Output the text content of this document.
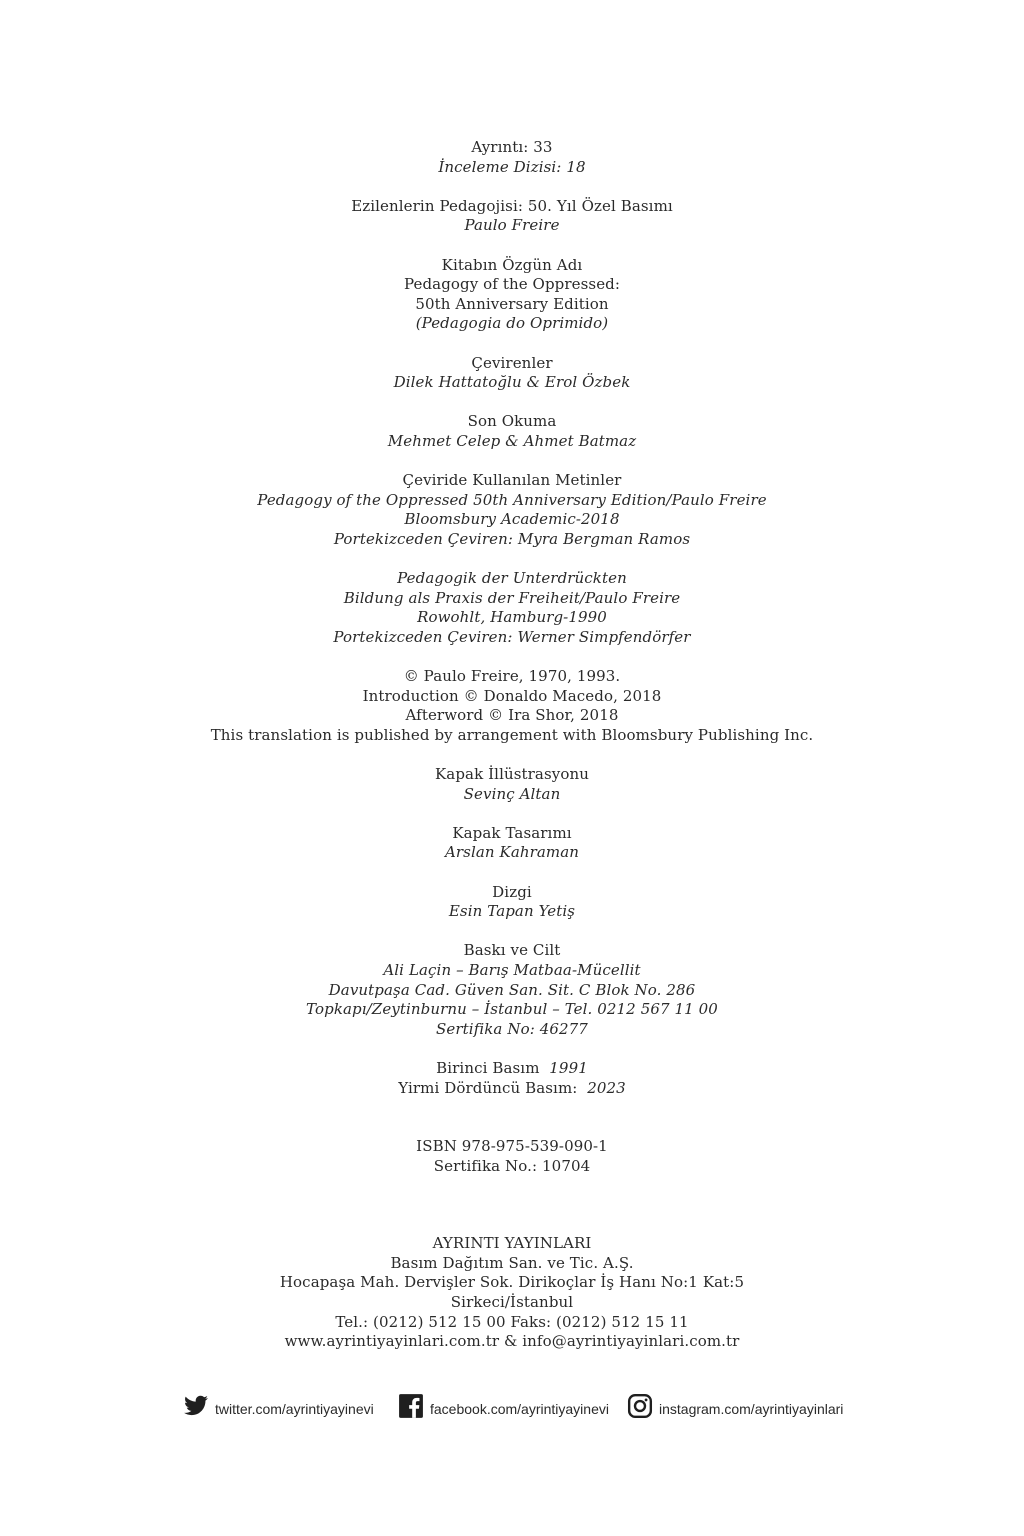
Ayrıntı: 33
İnceleme Dizisi: 18
Ezilenlerin Pedagojisi: 50. Yıl Özel Basımı
Paulo Freire
Kitabın Özgün Adı
Pedagogy of the Oppressed:
50th Anniversary Edition
(Pedagogia do Oprimido)
Çevirenler
Dilek Hattatoğlu & Erol Özbek
Son Okuma
Mehmet Celep & Ahmet Batmaz
Çeviride Kullanılan Metinler
Pedagogy of the Oppressed 50th Anniversary Edition/Paulo Freire
Bloomsbury Academic-2018
Portekizceden Çeviren: Myra Bergman Ramos
Pedagogik der Unterdrückten
Bildung als Praxis der Freiheit/Paulo Freire
Rowohlt, Hamburg-1990
Portekizceden Çeviren: Werner Simpfendörfer
© Paulo Freire, 1970, 1993.
Introduction © Donaldo Macedo, 2018
Afterword © Ira Shor, 2018
This translation is published by arrangement with Bloomsbury Publishing Inc.
Kapak İllüstrasyonu
Sevinç Altan
Kapak Tasarımı
Arslan Kahraman
Dizgi
Esin Tapan Yetiş
Baskı ve Cilt
Ali Laçin – Barış Matbaa-Mücellit
Davutpaşa Cad. Güven San. Sit. C Blok No. 286
Topkapı/Zeytinburnu – İstanbul – Tel. 0212 567 11 00
Sertifika No: 46277
Birinci Basım 1991
Yirmi Dördüncü Basım: 2023
ISBN 978-975-539-090-1
Sertifika No.: 10704
AYRINTI YAYINLARI
Basım Dağıtım San. ve Tic. A.Ş.
Hocapaşa Mah. Dervişler Sok. Dirikoçlar İş Hanı No:1 Kat:5
Sirkeci/İstanbul
Tel.: (0212) 512 15 00 Faks: (0212) 512 15 11
www.ayrintiyayinlari.com.tr & info@ayrintiyayinlari.com.tr
twitter.com/ayrintiyayinevi	facebook.com/ayrintiyayinevi	instagram.com/ayrintiyayinlari
